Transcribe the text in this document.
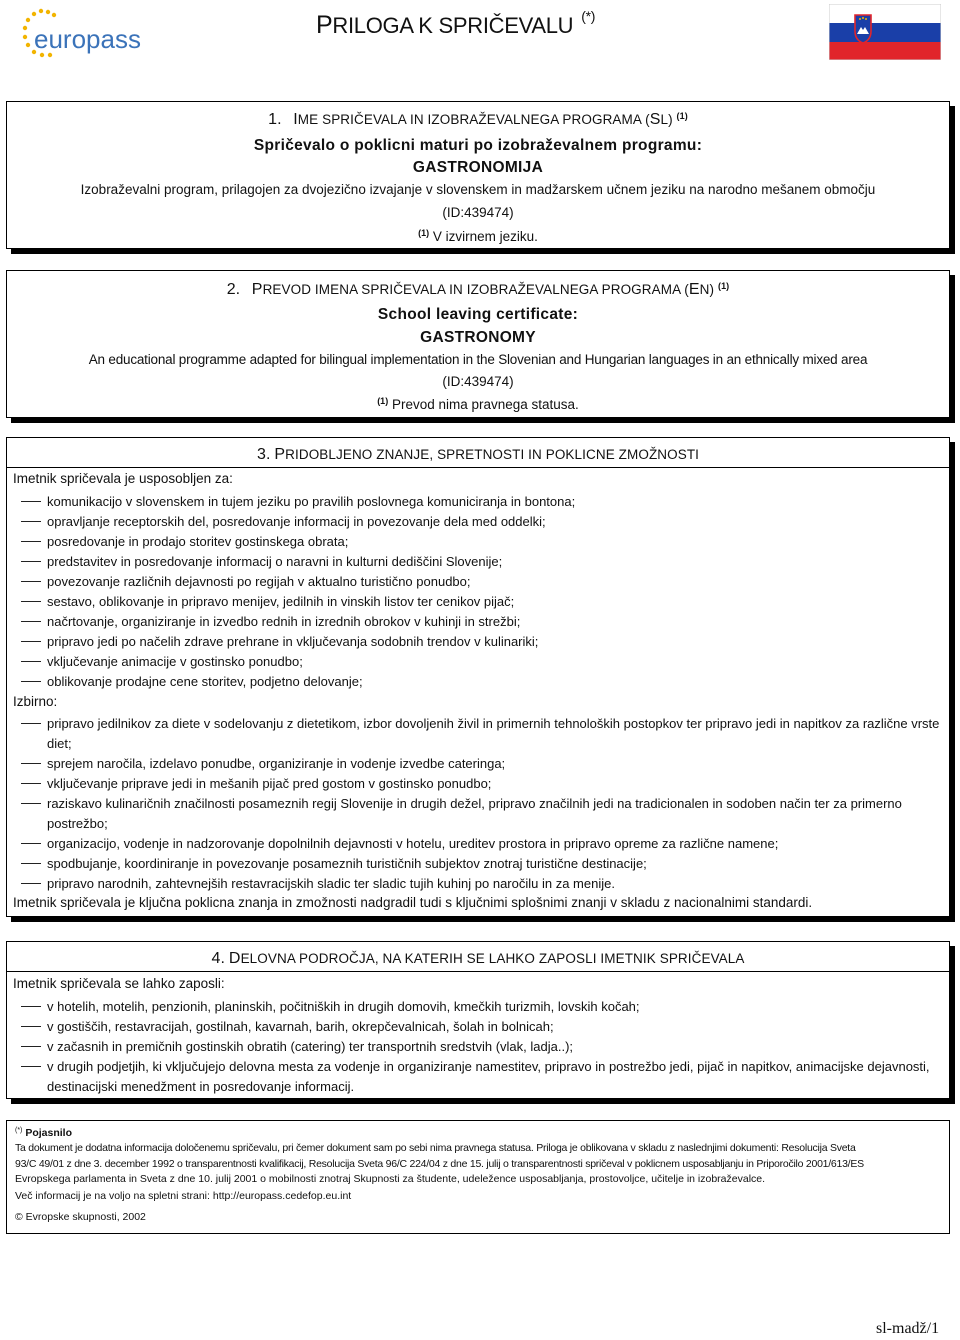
europass	PRILOGA K SPRIČEVALU (*)
1. IME SPRIČEVALA IN IZOBRAŽEVALNEGA PROGRAMA (SL) $^{(1)}$
Spričevalo o poklicni maturi po izobraževalnem programu:
GASTRONOMIJA
Izobraževalni program, prilagojen za dvojezično izvajanje v slovenskem in madžarskem učnem jeziku na narodno mešanem območju
(ID:439474)
$^{(1)}$ V izvirnem jeziku.
2. PREVOD IMENA SPRIČEVALA IN IZOBRAŽEVALNEGA PROGRAMA (EN) $^{(1)}$
School leaving certificate:
GASTRONOMY
An educational programme adapted for bilingual implementation in the Slovenian and Hungarian languages in an ethnically mixed area
(ID:439474)
$^{(1)}$ Prevod nima pravnega statusa.
3. PRIDOBLJENO ZNANJE, SPRETNOSTI IN POKLICNE ZMOŽNOSTI
Imetnik spričevala je usposobljen za:
komunikacijo v slovenskem in tujem jeziku po pravilih poslovnega komuniciranja in bontona;
opravljanje receptorskih del, posredovanje informacij in povezovanje dela med oddelki;
posredovanje in prodajo storitev gostinskega obrata;
predstavitev in posredovanje informacij o naravni in kulturni dediščini Slovenije;
povezovanje različnih dejavnosti po regijah v aktualno turistično ponudbo;
sestavo, oblikovanje in pripravo menijev, jedilnih in vinskih listov ter cenikov pijač;
načrtovanje, organiziranje in izvedbo rednih in izrednih obrokov v kuhinji in strežbi;
pripravo jedi po načelih zdrave prehrane in vključevanja sodobnih trendov v kulinariki;
vključevanje animacije v gostinsko ponudbo;
oblikovanje prodajne cene storitev, podjetno delovanje;
Izbirno:
pripravo jedilnikov za diete v sodelovanju z dietetikom, izbor dovoljenih živil in primernih tehnoloških postopkov ter pripravo jedi in napitkov za različne vrste diet;
sprejem naročila, izdelavo ponudbe, organiziranje in vodenje izvedbe cateringa;
vključevanje priprave jedi in mešanih pijač pred gostom v gostinsko ponudbo;
raziskavo kulinaričnih značilnosti posameznih regij Slovenije in drugih dežel, pripravo značilnih jedi na tradicionalen in sodoben način ter za primerno postrežbo;
organizacijo, vodenje in nadzorovanje dopolnilnih dejavnosti v hotelu, ureditev prostora in pripravo opreme za različne namene;
spodbujanje, koordiniranje in povezovanje posameznih turističnih subjektov znotraj turistične destinacije;
pripravo narodnih, zahtevnejših restavracijskih sladic ter sladic tujih kuhinj po naročilu in za menije.
Imetnik spričevala je ključna poklicna znanja in zmožnosti nadgradil tudi s ključnimi splošnimi znanji v skladu z nacionalnimi standardi.
4. DELOVNA PODROČJA, NA KATERIH SE LAHKO ZAPOSLI IMETNIK SPRIČEVALA
Imetnik spričevala se lahko zaposli:
v hotelih, motelih, penzionih, planinskih, počitniških in drugih domovih, kmečkih turizmih, lovskih kočah;
v gostiščih, restavracijah, gostilnah, kavarnah, barih, okrepčevalnicah, šolah in bolnicah;
v začasnih in premičnih gostinskih obratih (catering) ter transportnih sredstvih (vlak, ladja..);
v drugih podjetjih, ki vključujejo delovna mesta za vodenje in organiziranje namestitev, pripravo in postrežbo jedi, pijač in napitkov, animacijske dejavnosti, destinacijski menedžment in posredovanje informacij.
(*) Pojasnilo
Ta dokument je dodatna informacija določenemu spričevalu, pri čemer dokument sam po sebi nima pravnega statusa. Priloga je oblikovana v skladu z naslednjimi dokumenti: Resolucija Sveta
93/C 49/01 z dne 3. december 1992 o transparentnosti kvalifikacij, Resolucija Sveta 96/C 224/04 z dne 15. julij o transparentnosti spričeval v poklicnem usposabljanju in Priporočilo 2001/613/ES
Evropskega parlamenta in Sveta z dne 10. julij 2001 o mobilnosti znotraj Skupnosti za študente, udeležence usposabljanja, prostovoljce, učitelje in izobraževalce.
Več informacij je na voljo na spletni strani: http://europass.cedefop.eu.int
© Evropske skupnosti, 2002
sl-madž/1
